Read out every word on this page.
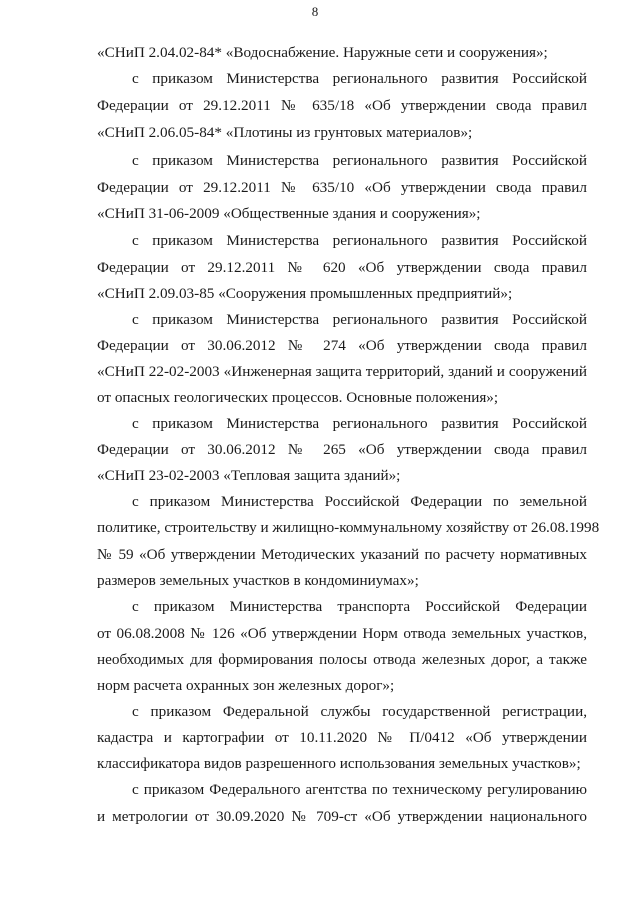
8
«СНиП 2.04.02-84* «Водоснабжение. Наружные сети и сооружения»;
с приказом Министерства регионального развития Российской
Федерации от 29.12.2011 № 635/18 «Об утверждении свода правил
«СНиП 2.06.05-84* «Плотины из грунтовых материалов»;
с приказом Министерства регионального развития Российской
Федерации от 29.12.2011 № 635/10 «Об утверждении свода правил
«СНиП 31-06-2009 «Общественные здания и сооружения»;
с приказом Министерства регионального развития Российской
Федерации от 29.12.2011 № 620 «Об утверждении свода правил
«СНиП 2.09.03-85 «Сооружения промышленных предприятий»;
с приказом Министерства регионального развития Российской
Федерации от 30.06.2012 № 274 «Об утверждении свода правил
«СНиП 22-02-2003 «Инженерная защита территорий, зданий и сооружений
от опасных геологических процессов. Основные положения»;
с приказом Министерства регионального развития Российской
Федерации от 30.06.2012 № 265 «Об утверждении свода правил
«СНиП 23-02-2003 «Тепловая защита зданий»;
с приказом Министерства Российской Федерации по земельной
политике, строительству и жилищно-коммунальному хозяйству от 26.08.1998
№ 59 «Об утверждении Методических указаний по расчету нормативных
размеров земельных участков в кондоминиумах»;
с приказом Министерства транспорта Российской Федерации
от 06.08.2008 № 126 «Об утверждении Норм отвода земельных участков,
необходимых для формирования полосы отвода железных дорог, а также
норм расчета охранных зон железных дорог»;
с приказом Федеральной службы государственной регистрации,
кадастра и картографии от 10.11.2020 № П/0412 «Об утверждении
классификатора видов разрешенного использования земельных участков»;
с приказом Федерального агентства по техническому регулированию
и метрологии от 30.09.2020 № 709-ст «Об утверждении национального
